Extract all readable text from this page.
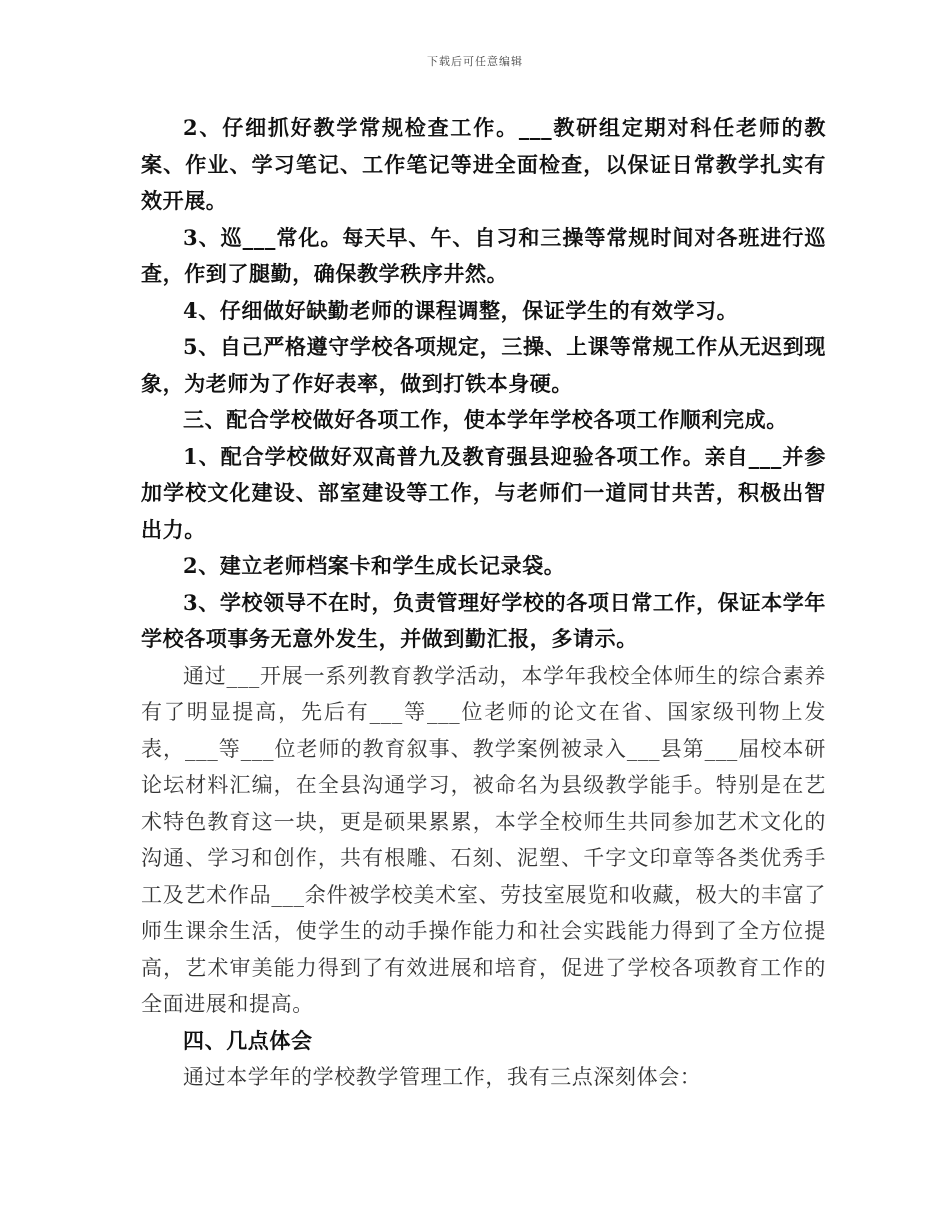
下载后可任意编辑

2、仔细抓好教学常规检查工作。___教研组定期对科任老师的教案、作业、学习笔记、工作笔记等进全面检查，以保证日常教学扎实有效开展。

3、巡___常化。每天早、午、自习和三操等常规时间对各班进行巡查，作到了腿勤，确保教学秩序井然。

4、仔细做好缺勤老师的课程调整，保证学生的有效学习。

5、自己严格遵守学校各项规定，三操、上课等常规工作从无迟到现象，为老师为了作好表率，做到打铁本身硬。

三、配合学校做好各项工作，使本学年学校各项工作顺利完成。

1、配合学校做好双高普九及教育强县迎验各项工作。亲自___并参加学校文化建设、部室建设等工作，与老师们一道同甘共苦，积极出智出力。

2、建立老师档案卡和学生成长记录袋。

3、学校领导不在时，负责管理好学校的各项日常工作，保证本学年学校各项事务无意外发生，并做到勤汇报，多请示。

通过___开展一系列教育教学活动，本学年我校全体师生的综合素养有了明显提高，先后有___等___位老师的论文在省、国家级刊物上发表，___等___位老师的教育叙事、教学案例被录入___县第___届校本研论坛材料汇编，在全县沟通学习，被命名为县级教学能手。特别是在艺术特色教育这一块，更是硕果累累，本学全校师生共同参加艺术文化的沟通、学习和创作，共有根雕、石刻、泥塑、千字文印章等各类优秀手工及艺术作品___余件被学校美术室、劳技室展览和收藏，极大的丰富了师生课余生活，使学生的动手操作能力和社会实践能力得到了全方位提高，艺术审美能力得到了有效进展和培育，促进了学校各项教育工作的全面进展和提高。

四、几点体会

通过本学年的学校教学管理工作，我有三点深刻体会：
